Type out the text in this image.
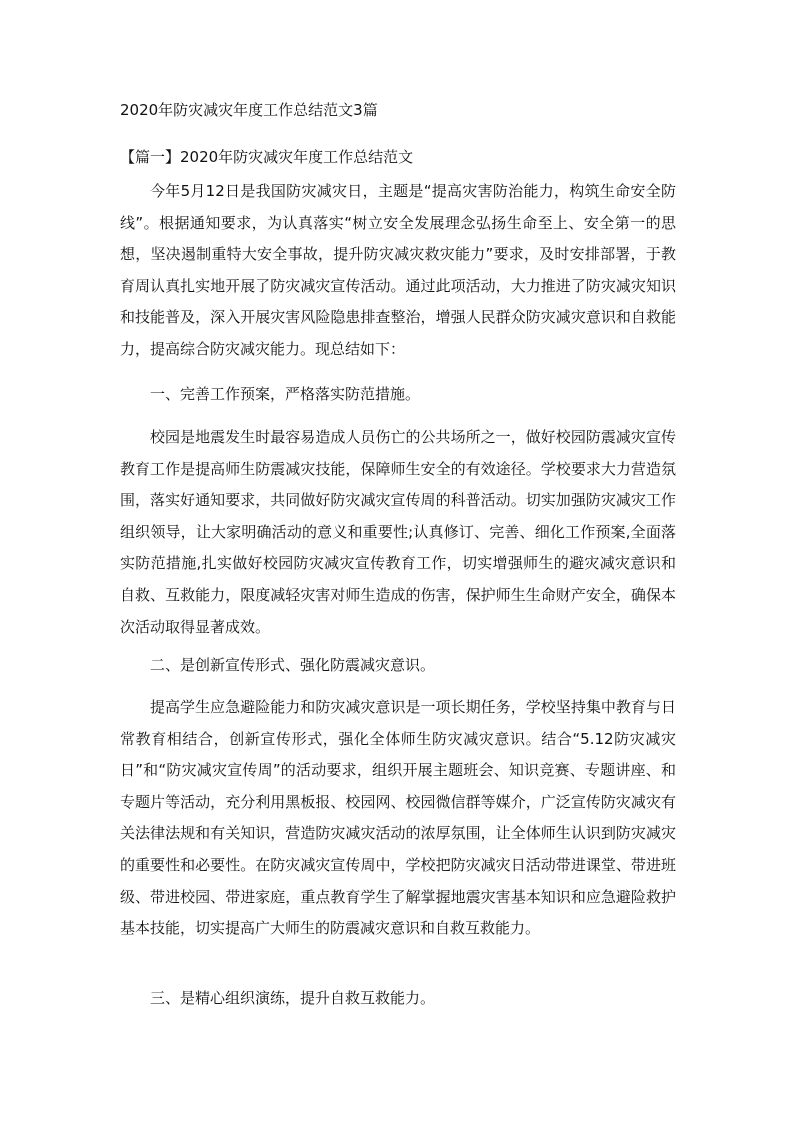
2020年防灾减灾年度工作总结范文3篇
【篇一】2020年防灾减灾年度工作总结范文

今年5月12日是我国防灾减灾日，主题是“提高灾害防治能力，构筑生命安全防线”。根据通知要求，为认真落实“树立安全发展理念弘扬生命至上、安全第一的思想，坚决遏制重特大安全事故，提升防灾减灾救灾能力”要求，及时安排部署，于教育周认真扎实地开展了防灾减灾宣传活动。通过此项活动，大力推进了防灾减灾知识和技能普及，深入开展灾害风险隐患排查整治，增强人民群众防灾减灾意识和自救能力，提高综合防灾减灾能力。现总结如下：

一、完善工作预案，严格落实防范措施。

校园是地震发生时最容易造成人员伤亡的公共场所之一，做好校园防震减灾宣传教育工作是提高师生防震减灾技能，保障师生安全的有效途径。学校要求大力营造氛围，落实好通知要求，共同做好防灾减灾宣传周的科普活动。切实加强防灾减灾工作组织领导，让大家明确活动的意义和重要性;认真修订、完善、细化工作预案,全面落实防范措施,扎实做好校园防灾减灾宣传教育工作，切实增强师生的避灾减灾意识和自救、互救能力，限度减轻灾害对师生造成的伤害，保护师生生命财产安全，确保本次活动取得显著成效。

二、是创新宣传形式、强化防震减灾意识。

提高学生应急避险能力和防灾减灾意识是一项长期任务，学校坚持集中教育与日常教育相结合，创新宣传形式，强化全体师生防灾减灾意识。结合“5.12防灾减灾日”和“防灾减灾宣传周”的活动要求，组织开展主题班会、知识竞赛、专题讲座、和专题片等活动，充分利用黑板报、校园网、校园微信群等媒介，广泛宣传防灾减灾有关法律法规和有关知识，营造防灾减灾活动的浓厚氛围，让全体师生认识到防灾减灾的重要性和必要性。在防灾减灾宣传周中，学校把防灾减灾日活动带进课堂、带进班级、带进校园、带进家庭，重点教育学生了解掌握地震灾害基本知识和应急避险救护基本技能，切实提高广大师生的防震减灾意识和自救互救能力。

三、是精心组织演练，提升自救互救能力。
